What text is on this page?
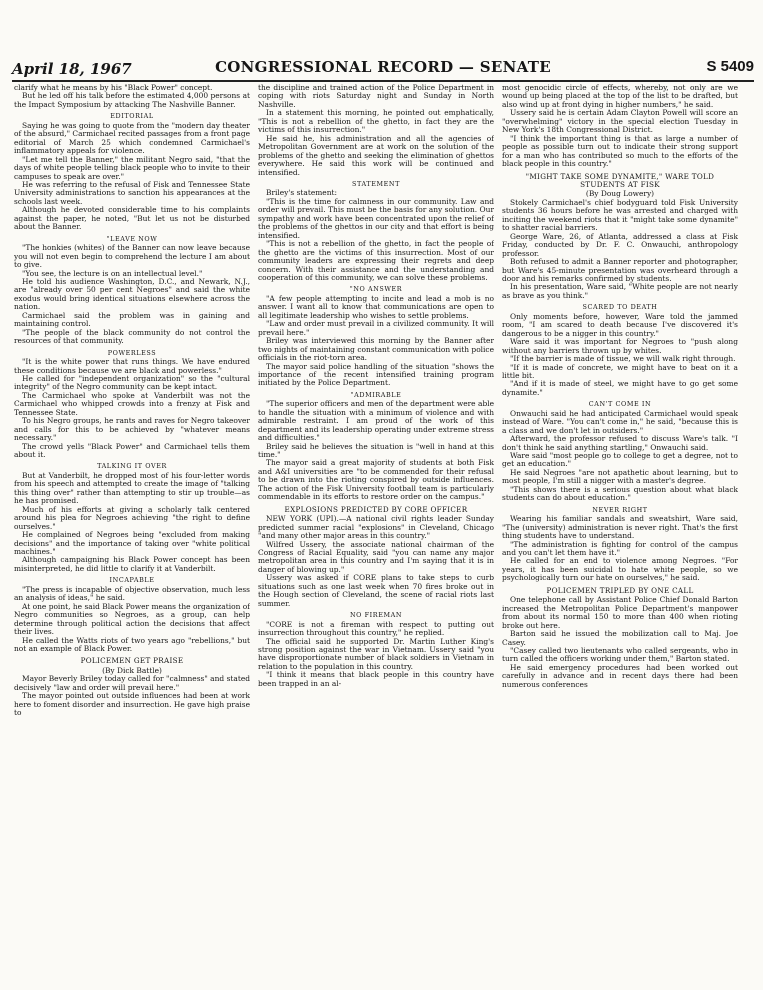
April 18, 1967	CONGRESSIONAL RECORD — SENATE	S 5409

clarify what he means by his "Black Power" concept.

But he led off his talk before the estimated 4,000 persons at the Impact Symposium by attacking The Nashville Banner.

EDITORIAL

Saying he was going to quote from the "modern day theater of the absurd," Carmichael recited passages from a front page editorial of March 25 which condemned Carmichael's inflammatory appeals for violence.

"Let me tell the Banner," the militant Negro said, "that the days of white people telling black people who to invite to their campuses to speak are over."

He was referring to the refusal of Fisk and Tennessee State University administrations to sanction his appearances at the schools last week.

Although he devoted considerable time to his complaints against the paper, he noted, "But let us not be disturbed about the Banner.

"LEAVE NOW

"The honkies (whites) of the Banner can now leave because you will not even begin to comprehend the lecture I am about to give.

"You see, the lecture is on an intellectual level."

He told his audience Washington, D.C., and Newark, N.J., are "already over 50 per cent Negroes" and said the white exodus would bring identical situations elsewhere across the nation.

Carmichael said the problem was in gaining and maintaining control.

"The people of the black community do not control the resources of that community.

POWERLESS

"It is the white power that runs things. We have endured these conditions because we are black and powerless."

He called for "independent organization" so the "cultural integrity" of the Negro community can be kept intact.

The Carmichael who spoke at Vanderbilt was not the Carmichael who whipped crowds into a frenzy at Fisk and Tennessee State.

To his Negro groups, he rants and raves for Negro takeover and calls for this to be achieved by "whatever means necessary."

The crowd yells "Black Power" and Carmichael tells them about it.

TALKING IT OVER

But at Vanderbilt, he dropped most of his four-letter words from his speech and attempted to create the image of "talking this thing over" rather than attempting to stir up trouble—as he has promised.

Much of his efforts at giving a scholarly talk centered around his plea for Negroes achieving "the right to define ourselves."

He complained of Negroes being "excluded from making decisions" and the importance of taking over "white political machines."

Although campaigning his Black Power concept has been misinterpreted, he did little to clarify it at Vanderbilt.

INCAPABLE

"The press is incapable of objective observation, much less an analysis of ideas," he said.

At one point, he said Black Power means the organization of Negro communities so Negroes, as a group, can help determine through political action the decisions that affect their lives.

He called the Watts riots of two years ago "rebellions," but not an example of Black Power.

POLICEMEN GET PRAISE

(By Dick Battle)

Mayor Beverly Briley today called for "calmness" and stated decisively "law and order will prevail here."

The mayor pointed out outside influences had been at work here to foment disorder and insurrection. He gave high praise to

the discipline and trained action of the Police Department in coping with riots Saturday night and Sunday in North Nashville.

In a statement this morning, he pointed out emphatically, "This is not a rebellion of the ghetto, in fact they are the victims of this insurrection."

He said he, his administration and all the agencies of Metropolitan Government are at work on the solution of the problems of the ghetto and seeking the elimination of ghettos everywhere. He said this work will be continued and intensified.

STATEMENT

Briley's statement:

"This is the time for calmness in our community. Law and order will prevail. This must be the basis for any solution. Our sympathy and work have been concentrated upon the relief of the problems of the ghettos in our city and that effort is being intensified.

"This is not a rebellion of the ghetto, in fact the people of the ghetto are the victims of this insurrection. Most of our community leaders are expressing their regrets and deep concern. With their assistance and the understanding and cooperation of this community, we can solve these problems.

"NO ANSWER

"A few people attempting to incite and lead a mob is no answer. I want all to know that communications are open to all legitimate leadership who wishes to settle problems.

"Law and order must prevail in a civilized community. It will prevail here."

Briley was interviewed this morning by the Banner after two nights of maintaining constant communication with police officials in the riot-torn area.

The mayor said police handling of the situation "shows the importance of the recent intensified training program initiated by the Police Department.

"ADMIRABLE

"The superior officers and men of the department were able to handle the situation with a minimum of violence and with admirable restraint. I am proud of the work of this department and its leadership operating under extreme stress and difficulties."

Briley said he believes the situation is "well in hand at this time."

The mayor said a great majority of students at both Fisk and A&I universities are "to be commended for their refusal to be drawn into the rioting conspired by outside influences. The action of the Fisk University football team is particularly commendable in its efforts to restore order on the campus."

EXPLOSIONS PREDICTED BY CORE OFFICER

NEW YORK (UPI).—A national civil rights leader Sunday predicted summer racial "explosions" in Cleveland, Chicago "and many other major areas in this country."

Wilfred Ussery, the associate national chairman of the Congress of Racial Equality, said "you can name any major metropolitan area in this country and I'm saying that it is in danger of blowing up."

Ussery was asked if CORE plans to take steps to curb situations such as one last week when 70 fires broke out in the Hough section of Cleveland, the scene of racial riots last summer.

NO FIREMAN

"CORE is not a fireman with respect to putting out insurrection throughout this country," he replied.

The official said he supported Dr. Martin Luther King's strong position against the war in Vietnam. Ussery said "you have disproportionate number of black soldiers in Vietnam in relation to the population in this country.

"I think it means that black people in this country have been trapped in an al-

most genocidic circle of effects, whereby, not only are we wound up being placed at the top of the list to be drafted, but also wind up at front dying in higher numbers," he said.

Ussery said he is certain Adam Clayton Powell will score an "overwhelming" victory in the special election Tuesday in New York's 18th Congressional District.

"I think the important thing is that as large a number of people as possible turn out to indicate their strong support for a man who has contributed so much to the efforts of the black people in this country."

"MIGHT TAKE SOME DYNAMITE," WARE TOLD STUDENTS AT FISK

(By Doug Lowery)

Stokely Carmichael's chief bodyguard told Fisk University students 36 hours before he was arrested and charged with inciting the weekend riots that it "might take some dynamite" to shatter racial barriers.

George Ware, 26, of Atlanta, addressed a class at Fisk Friday, conducted by Dr. F. C. Onwauchi, anthropology professor.

Both refused to admit a Banner reporter and photographer, but Ware's 45-minute presentation was overheard through a door and his remarks confirmed by students.

In his presentation, Ware said, "White people are not nearly as brave as you think."

SCARED TO DEATH

Only moments before, however, Ware told the jammed room, "I am scared to death because I've discovered it's dangerous to be a nigger in this country."

Ware said it was important for Negroes to "push along without any barriers thrown up by whites.

"If the barrier is made of tissue, we will walk right through.

"If it is made of concrete, we might have to beat on it a little bit.

"And if it is made of steel, we might have to go get some dynamite."

CAN'T COME IN

Onwauchi said he had anticipated Carmichael would speak instead of Ware. "You can't come in," he said, "because this is a class and we don't let in outsiders."

Afterward, the professor refused to discuss Ware's talk. "I don't think he said anything startling," Onwauchi said.

Ware said "most people go to college to get a degree, not to get an education."

He said Negroes "are not apathetic about learning, but to most people, I'm still a nigger with a master's degree.

"This shows there is a serious question about what black students can do about education."

NEVER RIGHT

Wearing his familiar sandals and sweatshirt, Ware said, "The (university) administration is never right. That's the first thing students have to understand.

"The administration is fighting for control of the campus and you can't let them have it."

He called for an end to violence among Negroes. "For years, it has been suicidal to hate white people, so we psychologically turn our hate on ourselves," he said.

POLICEMEN TRIPLED BY ONE CALL

One telephone call by Assistant Police Chief Donald Barton increased the Metropolitan Police Department's manpower from about its normal 150 to more than 400 when rioting broke out here.

Barton said he issued the mobilization call to Maj. Joe Casey.

"Casey called two lieutenants who called sergeants, who in turn called the officers working under them," Barton stated.

He said emergency procedures had been worked out carefully in advance and in recent days there had been numerous conferences
